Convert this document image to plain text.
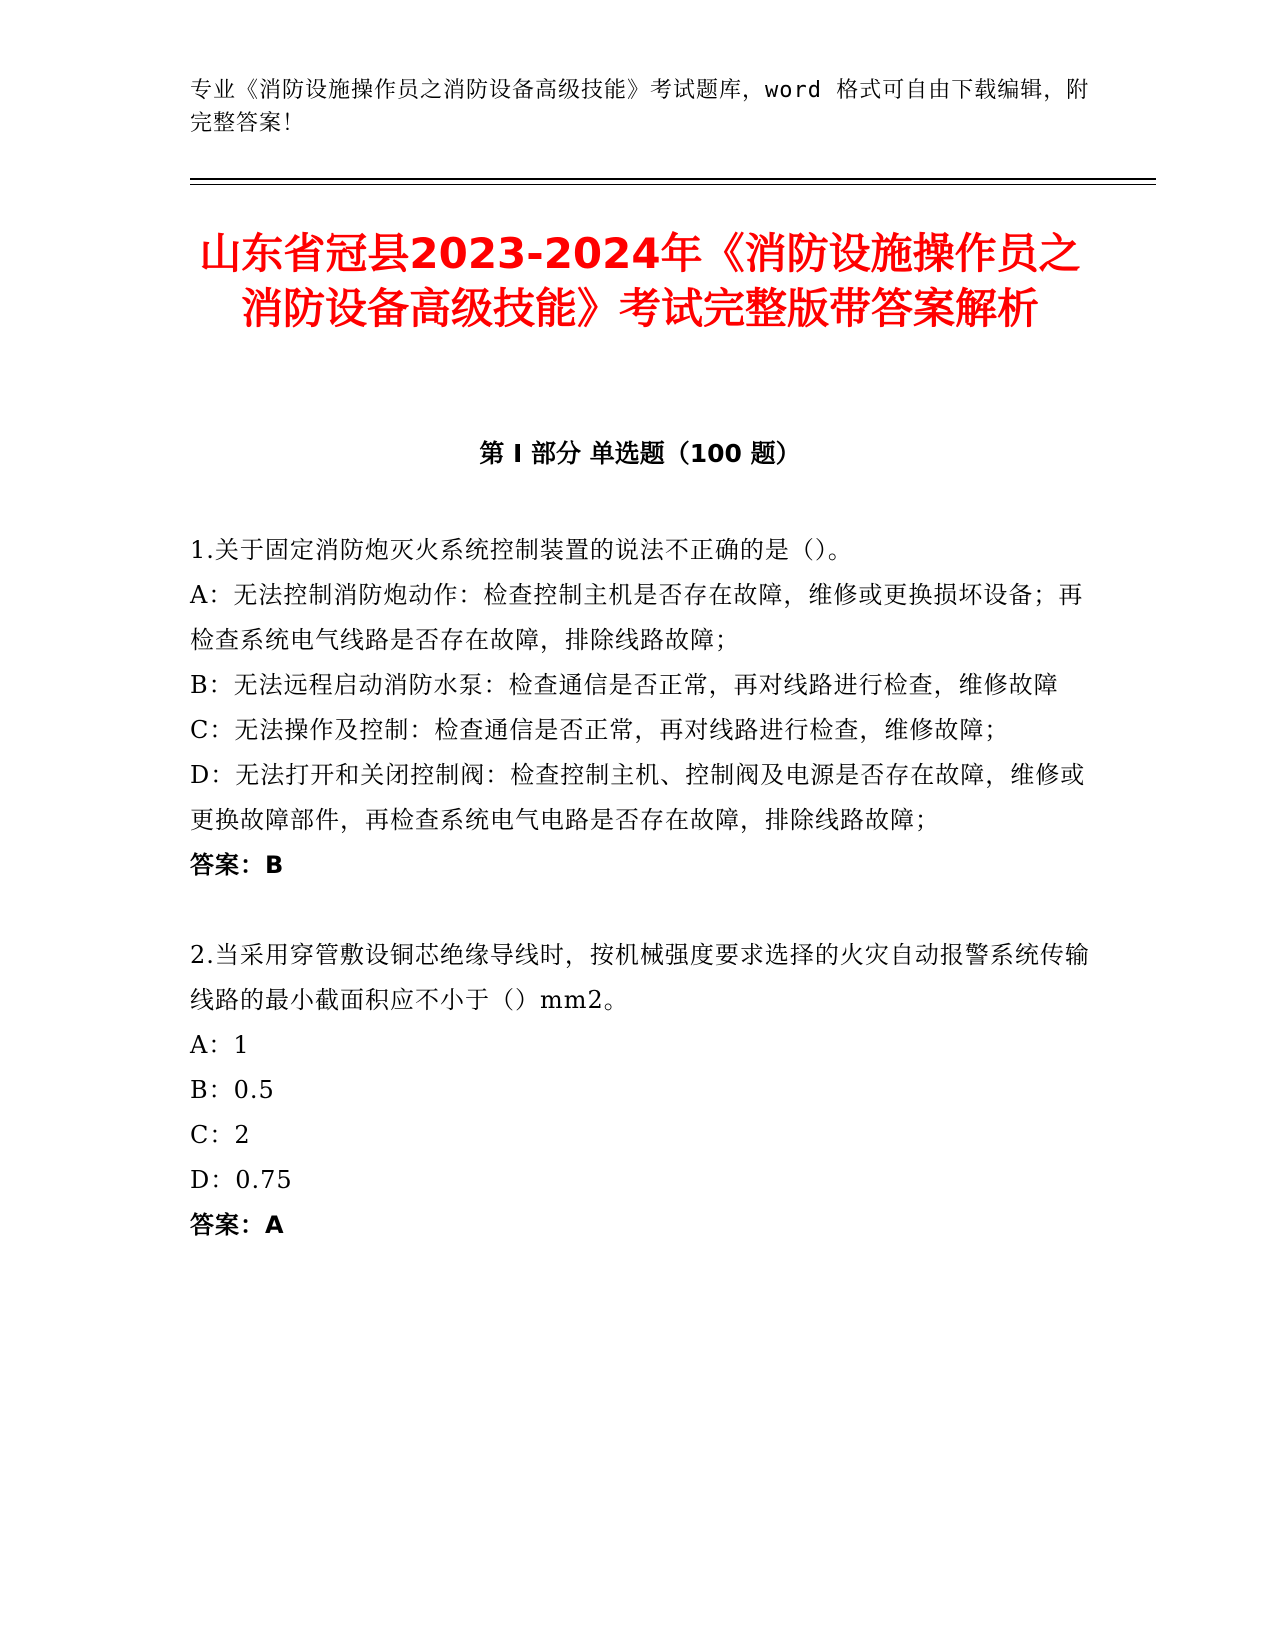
专业《消防设施操作员之消防设备高级技能》考试题库，word 格式可自由下载编辑，附完整答案！
山东省冠县2023-2024年《消防设施操作员之消防设备高级技能》考试完整版带答案解析
第 I 部分 单选题（100 题）

1.关于固定消防炮灭火系统控制装置的说法不正确的是（）。

A：无法控制消防炮动作：检查控制主机是否存在故障，维修或更换损坏设备；再检查系统电气线路是否存在故障，排除线路故障；

B：无法远程启动消防水泵：检查通信是否正常，再对线路进行检查，维修故障

C：无法操作及控制：检查通信是否正常，再对线路进行检查，维修故障；

D：无法打开和关闭控制阀：检查控制主机、控制阀及电源是否存在故障，维修或更换故障部件，再检查系统电气电路是否存在故障，排除线路故障；

答案：B

2.当采用穿管敷设铜芯绝缘导线时，按机械强度要求选择的火灾自动报警系统传输线路的最小截面积应不小于（）mm2。

A：1

B：0.5

C：2

D：0.75

答案：A
